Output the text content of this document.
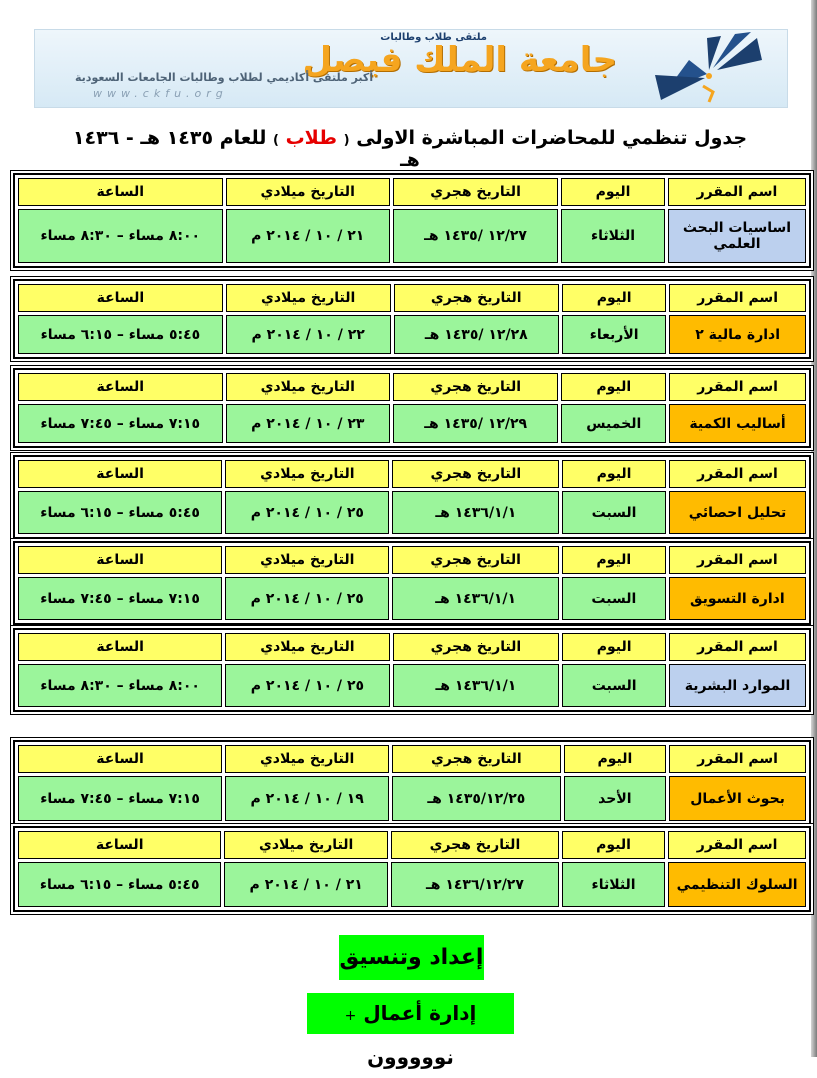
ملتقى طلاب وطالبات
جامعة الملك فيصل
أكبر ملتقى أكاديمي لطلاب وطالبات الجامعات السعودية
www.ckfu.org
جدول تنظمي للمحاضرات المباشرة الاولى ( طلاب ) للعام ١٤٣٥ هـ - ١٤٣٦ هـ
اسم المقرر	اليوم	التاريخ هجري	التاريخ ميلادي	الساعة
اساسيات البحث العلمي	الثلاثاء	١٢/٢٧ /١٤٣٥ هـ	٢١ / ١٠ / ٢٠١٤ م	٨:٠٠ مساء – ٨:٣٠ مساء
اسم المقرر	اليوم	التاريخ هجري	التاريخ ميلادي	الساعة
ادارة مالية ٢	الأربعاء	١٢/٢٨ /١٤٣٥ هـ	٢٢ / ١٠ / ٢٠١٤ م	٥:٤٥ مساء – ٦:١٥ مساء
اسم المقرر	اليوم	التاريخ هجري	التاريخ ميلادي	الساعة
أساليب الكمية	الخميس	١٢/٢٩ /١٤٣٥ هـ	٢٣ / ١٠ / ٢٠١٤ م	٧:١٥ مساء – ٧:٤٥ مساء
اسم المقرر	اليوم	التاريخ هجري	التاريخ ميلادي	الساعة
تحليل احصائي	السبت	١٤٣٦/١/١ هـ	٢٥ / ١٠ / ٢٠١٤ م	٥:٤٥ مساء – ٦:١٥ مساء
اسم المقرر	اليوم	التاريخ هجري	التاريخ ميلادي	الساعة
ادارة التسويق	السبت	١٤٣٦/١/١ هـ	٢٥ / ١٠ / ٢٠١٤ م	٧:١٥ مساء – ٧:٤٥ مساء
اسم المقرر	اليوم	التاريخ هجري	التاريخ ميلادي	الساعة
الموارد البشرية	السبت	١٤٣٦/١/١ هـ	٢٥ / ١٠ / ٢٠١٤ م	٨:٠٠ مساء – ٨:٣٠ مساء
اسم المقرر	اليوم	التاريخ هجري	التاريخ ميلادي	الساعة
بحوث الأعمال	الأحد	١٤٣٥/١٢/٢٥ هـ	١٩ / ١٠ / ٢٠١٤ م	٧:١٥ مساء – ٧:٤٥ مساء
اسم المقرر	اليوم	التاريخ هجري	التاريخ ميلادي	الساعة
السلوك التنظيمي	الثلاثاء	١٤٣٦/١٢/٢٧ هـ	٢١ / ١٠ / ٢٠١٤ م	٥:٤٥ مساء – ٦:١٥ مساء
إعداد وتنسيق
إدارة أعمال + نووووون
